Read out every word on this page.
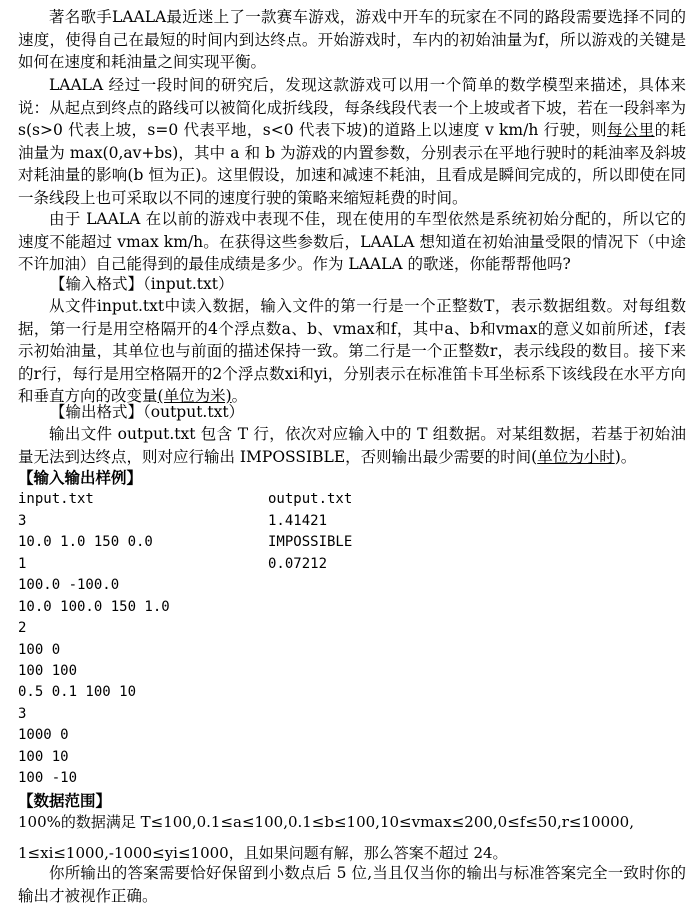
著名歌手LAALA最近迷上了一款赛车游戏，游戏中开车的玩家在不同的路段需要选择不同的速度，使得自己在最短的时间内到达终点。开始游戏时，车内的初始油量为f，所以游戏的关键是如何在速度和耗油量之间实现平衡。

LAALA 经过一段时间的研究后，发现这款游戏可以用一个简单的数学模型来描述，具体来说：从起点到终点的路线可以被简化成折线段，每条线段代表一个上坡或者下坡，若在一段斜率为 s(s>0 代表上坡，s=0 代表平地，s<0 代表下坡)的道路上以速度 v km/h 行驶，则每公里的耗油量为 max(0,av+bs)，其中 a 和 b 为游戏的内置参数，分别表示在平地行驶时的耗油率及斜坡对耗油量的影响(b 恒为正)。这里假设，加速和减速不耗油，且看成是瞬间完成的，所以即使在同一条线段上也可采取以不同的速度行驶的策略来缩短耗费的时间。

由于 LAALA 在以前的游戏中表现不佳，现在使用的车型依然是系统初始分配的，所以它的速度不能超过 vmax km/h。在获得这些参数后，LAALA 想知道在初始油量受限的情况下（中途不许加油）自己能得到的最佳成绩是多少。作为 LAALA 的歌迷，你能帮帮他吗?

【输入格式】（input.txt）

从文件input.txt中读入数据，输入文件的第一行是一个正整数T，表示数据组数。对每组数据，第一行是用空格隔开的4个浮点数a、b、vmax和f，其中a、b和vmax的意义如前所述，f表示初始油量，其单位也与前面的描述保持一致。第二行是一个正整数r，表示线段的数目。接下来的r行，每行是用空格隔开的2个浮点数xi和yi，分别表示在标准笛卡耳坐标系下该线段在水平方向和垂直方向的改变量(单位为米)。

【输出格式】（output.txt）

输出文件 output.txt 包含 T 行，依次对应输入中的 T 组数据。对某组数据，若基于初始油量无法到达终点，则对应行输出 IMPOSSIBLE，否则输出最少需要的时间(单位为小时)。

【输入输出样例】

input.txt
3
10.0 1.0 150 0.0
1
100.0 -100.0
10.0 100.0 150 1.0
2
100 0
100 100
0.5 0.1 100 10
3
1000 0
100 10
100 -10
output.txt
1.41421
IMPOSSIBLE
0.07212

【数据范围】

100%的数据满足 T≤100,0.1≤a≤100,0.1≤b≤100,10≤vmax≤200,0≤f≤50,r≤10000,
1≤xi≤1000,-1000≤yi≤1000，且如果问题有解，那么答案不超过 24。

你所输出的答案需要恰好保留到小数点后 5 位,当且仅当你的输出与标准答案完全一致时你的输出才被视作正确。
